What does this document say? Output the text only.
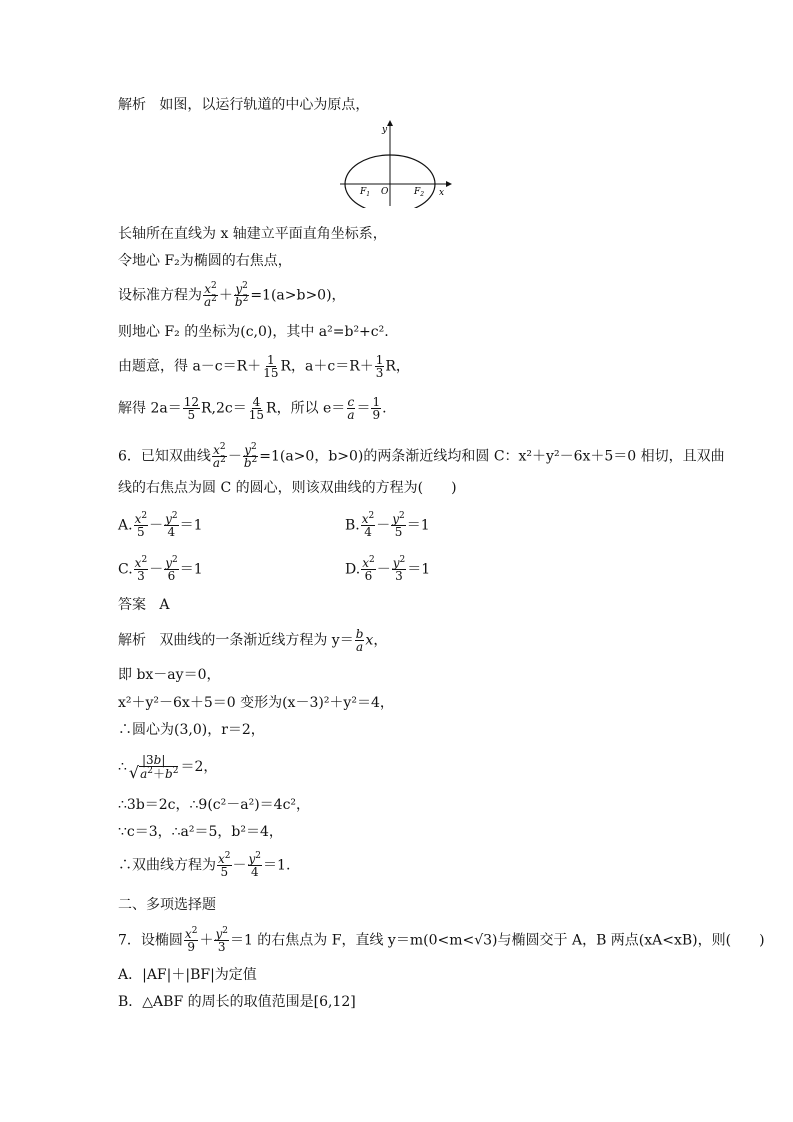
解析 如图，以运行轨道的中心为原点，
y
x
O
$F_1$	$F_2$
长轴所在直线为 x 轴建立平面直角坐标系，
令地心 F₂为椭圆的右焦点，
设标准方程为 $\frac{x^2}{a^2} + \frac{y^2}{b^2} =1(a>b>0)$，
则地心 F₂ 的坐标为(c,0)，其中 a²=b²+c².
由题意，得 $a-c=R+ \frac{1}{15}$ R，$a+c=R+ \frac{1}{3}$ R，
解得 $2a= \frac{12}{5} R,2c= \frac{4}{15}$ R，所以 $e= \frac{c}{a} = \frac{1}{9}$ .
6．已知双曲线 $\frac{x^2}{a^2} - \frac{y^2}{b^2} =1(a>0$，b>0)的两条渐近线均和圆 C：x²＋y²－6x＋5＝0 相切，且双曲
线的右焦点为圆 C 的圆心，则该双曲线的方程为(　　)
A. $\frac{x^2}{5} - \frac{y^2}{4} =1$	B. $\frac{x^2}{4} - \frac{y^2}{5} =1$
C. $\frac{x^2}{3} - \frac{y^2}{6} =1$	D. $\frac{x^2}{6} - \frac{y^2}{3} =1$
答案 A
解析 双曲线的一条渐近线方程为 $y= \frac{b}{a}$ x，
即 bx－ay＝0，
x²＋y²－6x＋5＝0 变形为(x－3)²＋y²＝4，
∴圆心为(3,0)，r＝2，
∴ $\frac{|3b|}{√a^2+b^2} =2$，
∴3b＝2c，∴9(c²－a²)＝4c²，
∵c＝3，∴a²＝5，b²＝4，
∴双曲线方程为 $\frac{x^2}{5} - \frac{y^2}{4} =1$.
二、多项选择题
7．设椭圆 $\frac{x^2}{9} + \frac{y^2}{3} =1$ 的右焦点为 F，直线 y＝m(0<m<√3)与椭圆交于 A，B 两点(xA<xB)，则(　　)
A．|AF|＋|BF|为定值
B．△ABF 的周长的取值范围是[6,12]
